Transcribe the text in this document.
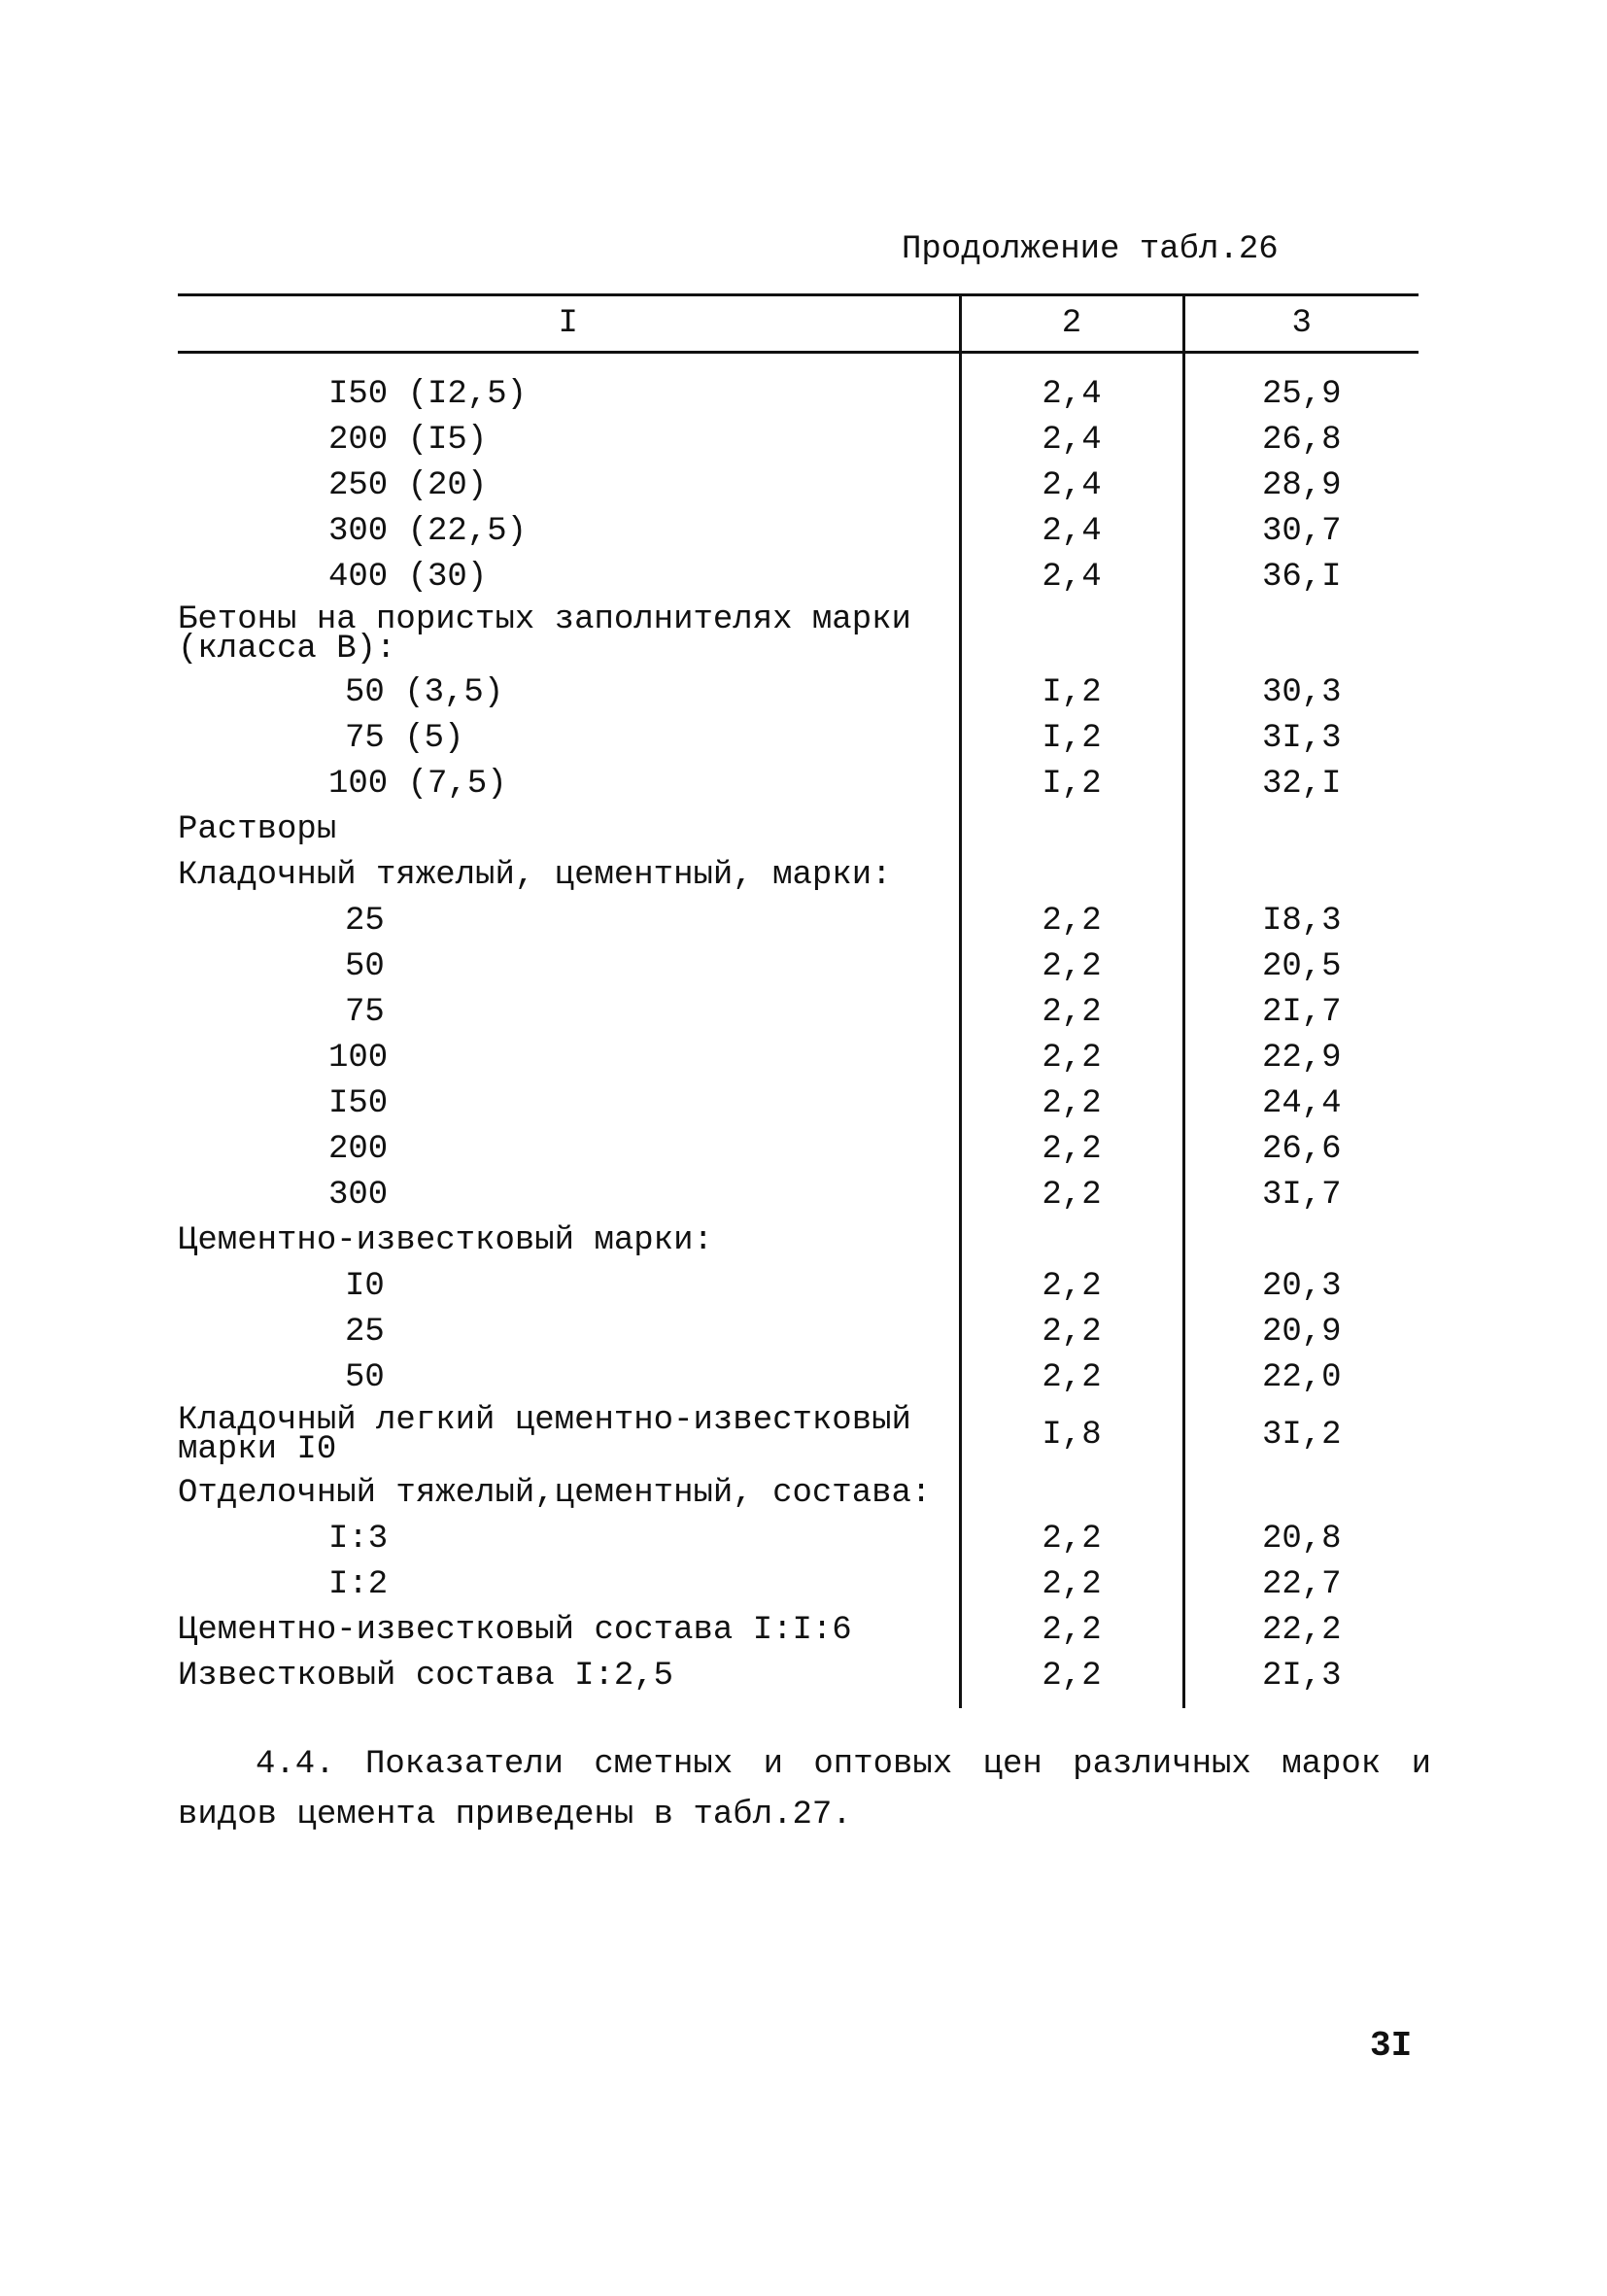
Продолжение табл.26
I	2	3
I50 (I2,5)	2,4	25,9
200 (I5)	2,4	26,8
250 (20)	2,4	28,9
300 (22,5)	2,4	30,7
400 (30)	2,4	36,I
Бетоны на пористых заполнителях марки (класса B):		
50 (3,5)	I,2	30,3
75 (5)	I,2	3I,3
100 (7,5)	I,2	32,I
Растворы		
Кладочный тяжелый, цементный, марки:		
25	2,2	I8,3
50	2,2	20,5
75	2,2	2I,7
100	2,2	22,9
I50	2,2	24,4
200	2,2	26,6
300	2,2	3I,7
Цементно-известковый марки:		
I0	2,2	20,3
25	2,2	20,9
50	2,2	22,0
Кладочный легкий цементно-известковый марки I0	I,8	3I,2
Отделочный тяжелый,цементный, состава:		
I:3	2,2	20,8
I:2	2,2	22,7
Цементно-известковый состава I:I:6	2,2	22,2
Известковый состава I:2,5	2,2	2I,3
4.4. Показатели сметных и оптовых цен различных марок и видов цемента приведены в табл.27.
3I
